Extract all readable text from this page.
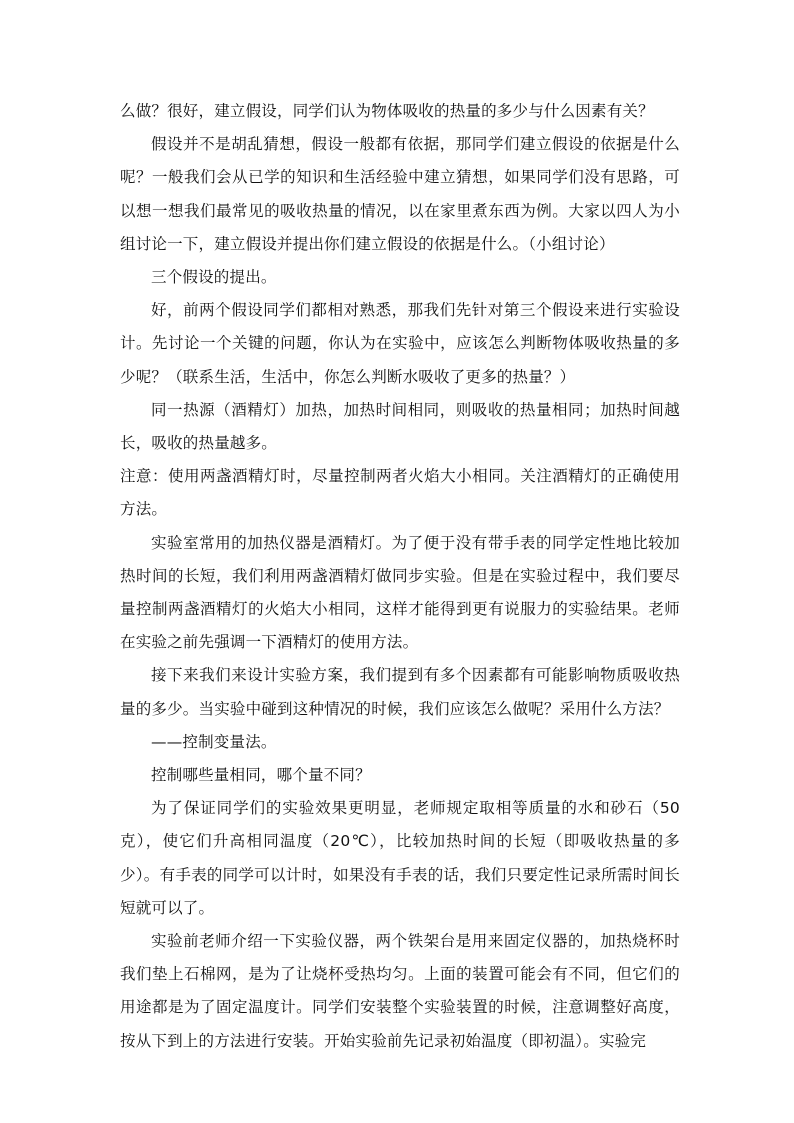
么做？很好，建立假设，同学们认为物体吸收的热量的多少与什么因素有关？

假设并不是胡乱猜想，假设一般都有依据，那同学们建立假设的依据是什么呢？一般我们会从已学的知识和生活经验中建立猜想，如果同学们没有思路，可以想一想我们最常见的吸收热量的情况，以在家里煮东西为例。大家以四人为小组讨论一下，建立假设并提出你们建立假设的依据是什么。（小组讨论）

三个假设的提出。

好，前两个假设同学们都相对熟悉，那我们先针对第三个假设来进行实验设计。先讨论一个关键的问题，你认为在实验中，应该怎么判断物体吸收热量的多少呢？（联系生活，生活中，你怎么判断水吸收了更多的热量？）

同一热源（酒精灯）加热，加热时间相同，则吸收的热量相同；加热时间越长，吸收的热量越多。

注意：使用两盏酒精灯时，尽量控制两者火焰大小相同。关注酒精灯的正确使用方法。

实验室常用的加热仪器是酒精灯。为了便于没有带手表的同学定性地比较加热时间的长短，我们利用两盏酒精灯做同步实验。但是在实验过程中，我们要尽量控制两盏酒精灯的火焰大小相同，这样才能得到更有说服力的实验结果。老师在实验之前先强调一下酒精灯的使用方法。

接下来我们来设计实验方案，我们提到有多个因素都有可能影响物质吸收热量的多少。当实验中碰到这种情况的时候，我们应该怎么做呢？采用什么方法？

——控制变量法。

控制哪些量相同，哪个量不同？

为了保证同学们的实验效果更明显，老师规定取相等质量的水和砂石（50克），使它们升高相同温度（20℃），比较加热时间的长短（即吸收热量的多少）。有手表的同学可以计时，如果没有手表的话，我们只要定性记录所需时间长短就可以了。

实验前老师介绍一下实验仪器，两个铁架台是用来固定仪器的，加热烧杯时我们垫上石棉网，是为了让烧杯受热均匀。上面的装置可能会有不同，但它们的用途都是为了固定温度计。同学们安装整个实验装置的时候，注意调整好高度，按从下到上的方法进行安装。开始实验前先记录初始温度（即初温）。实验完
